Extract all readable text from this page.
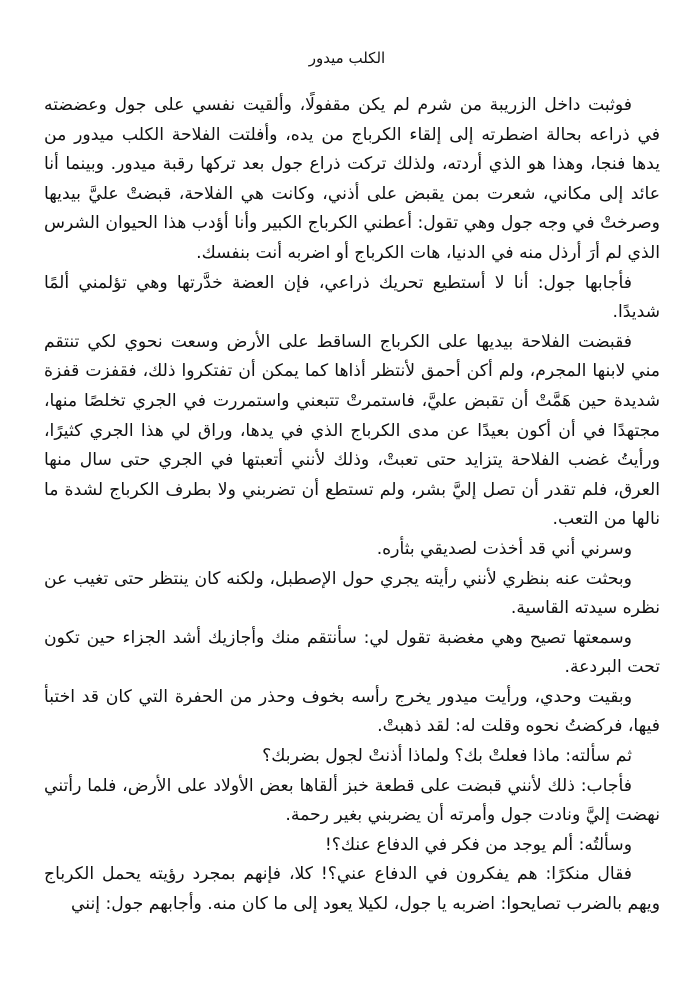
الكلب ميدور

فوثبت داخل الزريبة من شرم لم يكن مقفولًا، وألقيت نفسي على جول وعضضته في ذراعه بحالة اضطرته إلى إلقاء الكرباج من يده، وأفلتت الفلاحة الكلب ميدور من يدها فنجا، وهذا هو الذي أردته، ولذلك تركت ذراع جول بعد تركها رقبة ميدور. وبينما أنا عائد إلى مكاني، شعرت بمن يقبض على أذني، وكانت هي الفلاحة، قبضتْ عليَّ بيديها وصرختْ في وجه جول وهي تقول: أعطني الكرباج الكبير وأنا أؤدب هذا الحيوان الشرس الذي لم أرَ أرذل منه في الدنيا، هات الكرباج أو اضربه أنت بنفسك.

فأجابها جول: أنا لا أستطيع تحريك ذراعي، فإن العضة خدَّرتها وهي تؤلمني ألمًا شديدًا.

فقبضت الفلاحة بيديها على الكرباج الساقط على الأرض وسعت نحوي لكي تنتقم مني لابنها المجرم، ولم أكن أحمق لأنتظر أذاها كما يمكن أن تفتكروا ذلك، فقفزت قفزة شديدة حين هَمَّتْ أن تقبض عليَّ، فاستمرتْ تتبعني واستمررت في الجري تخلصًا منها، مجتهدًا في أن أكون بعيدًا عن مدى الكرباج الذي في يدها، وراق لي هذا الجري كثيرًا، ورأيتُ غضب الفلاحة يتزايد حتى تعبتْ، وذلك لأنني أتعبتها في الجري حتى سال منها العرق، فلم تقدر أن تصل إليَّ بشر، ولم تستطع أن تضربني ولا بطرف الكرباج لشدة ما نالها من التعب.

وسرني أني قد أخذت لصديقي بثأره.

وبحثت عنه بنظري لأنني رأيته يجري حول الإصطبل، ولكنه كان ينتظر حتى تغيب عن نظره سيدته القاسية.

وسمعتها تصيح وهي مغضبة تقول لي: سأنتقم منك وأجازيك أشد الجزاء حين تكون تحت البردعة.

وبقيت وحدي، ورأيت ميدور يخرج رأسه بخوف وحذر من الحفرة التي كان قد اختبأ فيها، فركضتُ نحوه وقلت له: لقد ذهبتْ.

ثم سألته: ماذا فعلتْ بك؟ ولماذا أذنتْ لجول بضربك؟

فأجاب: ذلك لأنني قبضت على قطعة خبز ألقاها بعض الأولاد على الأرض، فلما رأتني نهضت إليَّ ونادت جول وأمرته أن يضربني بغير رحمة.

وسألتُه: ألم يوجد من فكر في الدفاع عنك؟!

فقال منكرًا: هم يفكرون في الدفاع عني؟! كلا، فإنهم بمجرد رؤيته يحمل الكرباج ويهم بالضرب تصايحوا: اضربه يا جول، لكيلا يعود إلى ما كان منه. وأجابهم جول: إنني
